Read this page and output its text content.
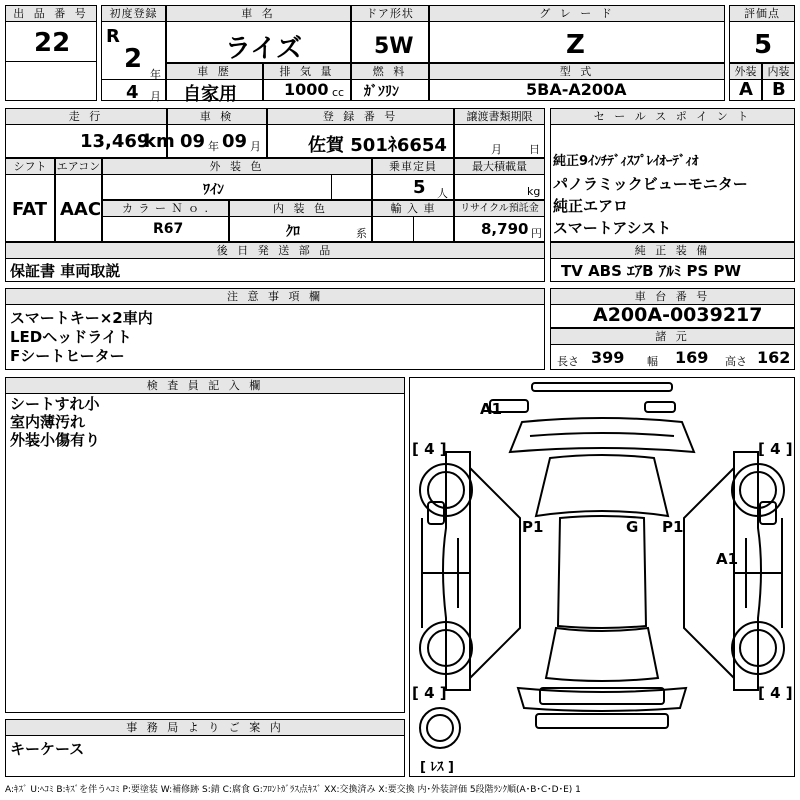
出 品 番 号
22
初度登録
R
2
年
4 月
車 名
ライズ
ドア形状
5W
グ レ ー ド
Z
評価点
5
車 歴
自家用
排 気 量
1000 cc
燃 料
ｶﾞｿﾘﾝ
型 式
5BA-A200A
外装
A
内装
B
走 行
13,469
km
車 検
09 年 09 月
登 録 番 号
佐賀 501ﾈ6654
譲渡書類期限
月 日
セ ー ル ス ポ イ ン ト
純正9ｲﾝﾁﾃﾞｨｽﾌﾟﾚｲｵｰﾃﾞｨｵ
パノラミックビューモニター
純正エアロ
スマートアシスト
シフト
FAT
エアコン
AAC
外 装 色
ﾜｲﾝ
乗車定員
5 人
最大積載量
kg
カ ラ ー Ｎ ｏ .
R67
内 装 色
ｸﾛ	系
輸 入 車	リサイクル預託金
8,790 円
後 日 発 送 部 品
保証書 車両取説
純 正 装 備
TV ABS ｴｱB ｱﾙﾐ PS PW
注 意 事 項 欄
スマートキー×2車内
LEDヘッドライト
Fシートヒーター
車 台 番 号
A200A-0039217
諸 元
長さ 399 幅 169 高さ 162
検 査 員 記 入 欄
シートすれ小
室内薄汚れ
外装小傷有り
A1
P1	G P1
A1
[ 4 ]	[ 4 ]
[ 4 ]	[ 4 ]
[ ﾚｽ ]
事 務 局 よ り ご 案 内
キーケース
A:ｷｽﾞ U:ﾍｺﾐ B:ｷｽﾞを伴うﾍｺﾐ P:要塗装 W:補修跡 S:錆 C:腐食 G:ﾌﾛﾝﾄｶﾞﾗｽ点ｷｽﾞ XX:交換済み X:要交換 内･外装評価 5段階ﾗﾝｸ順(A･B･C･D･E) 1
